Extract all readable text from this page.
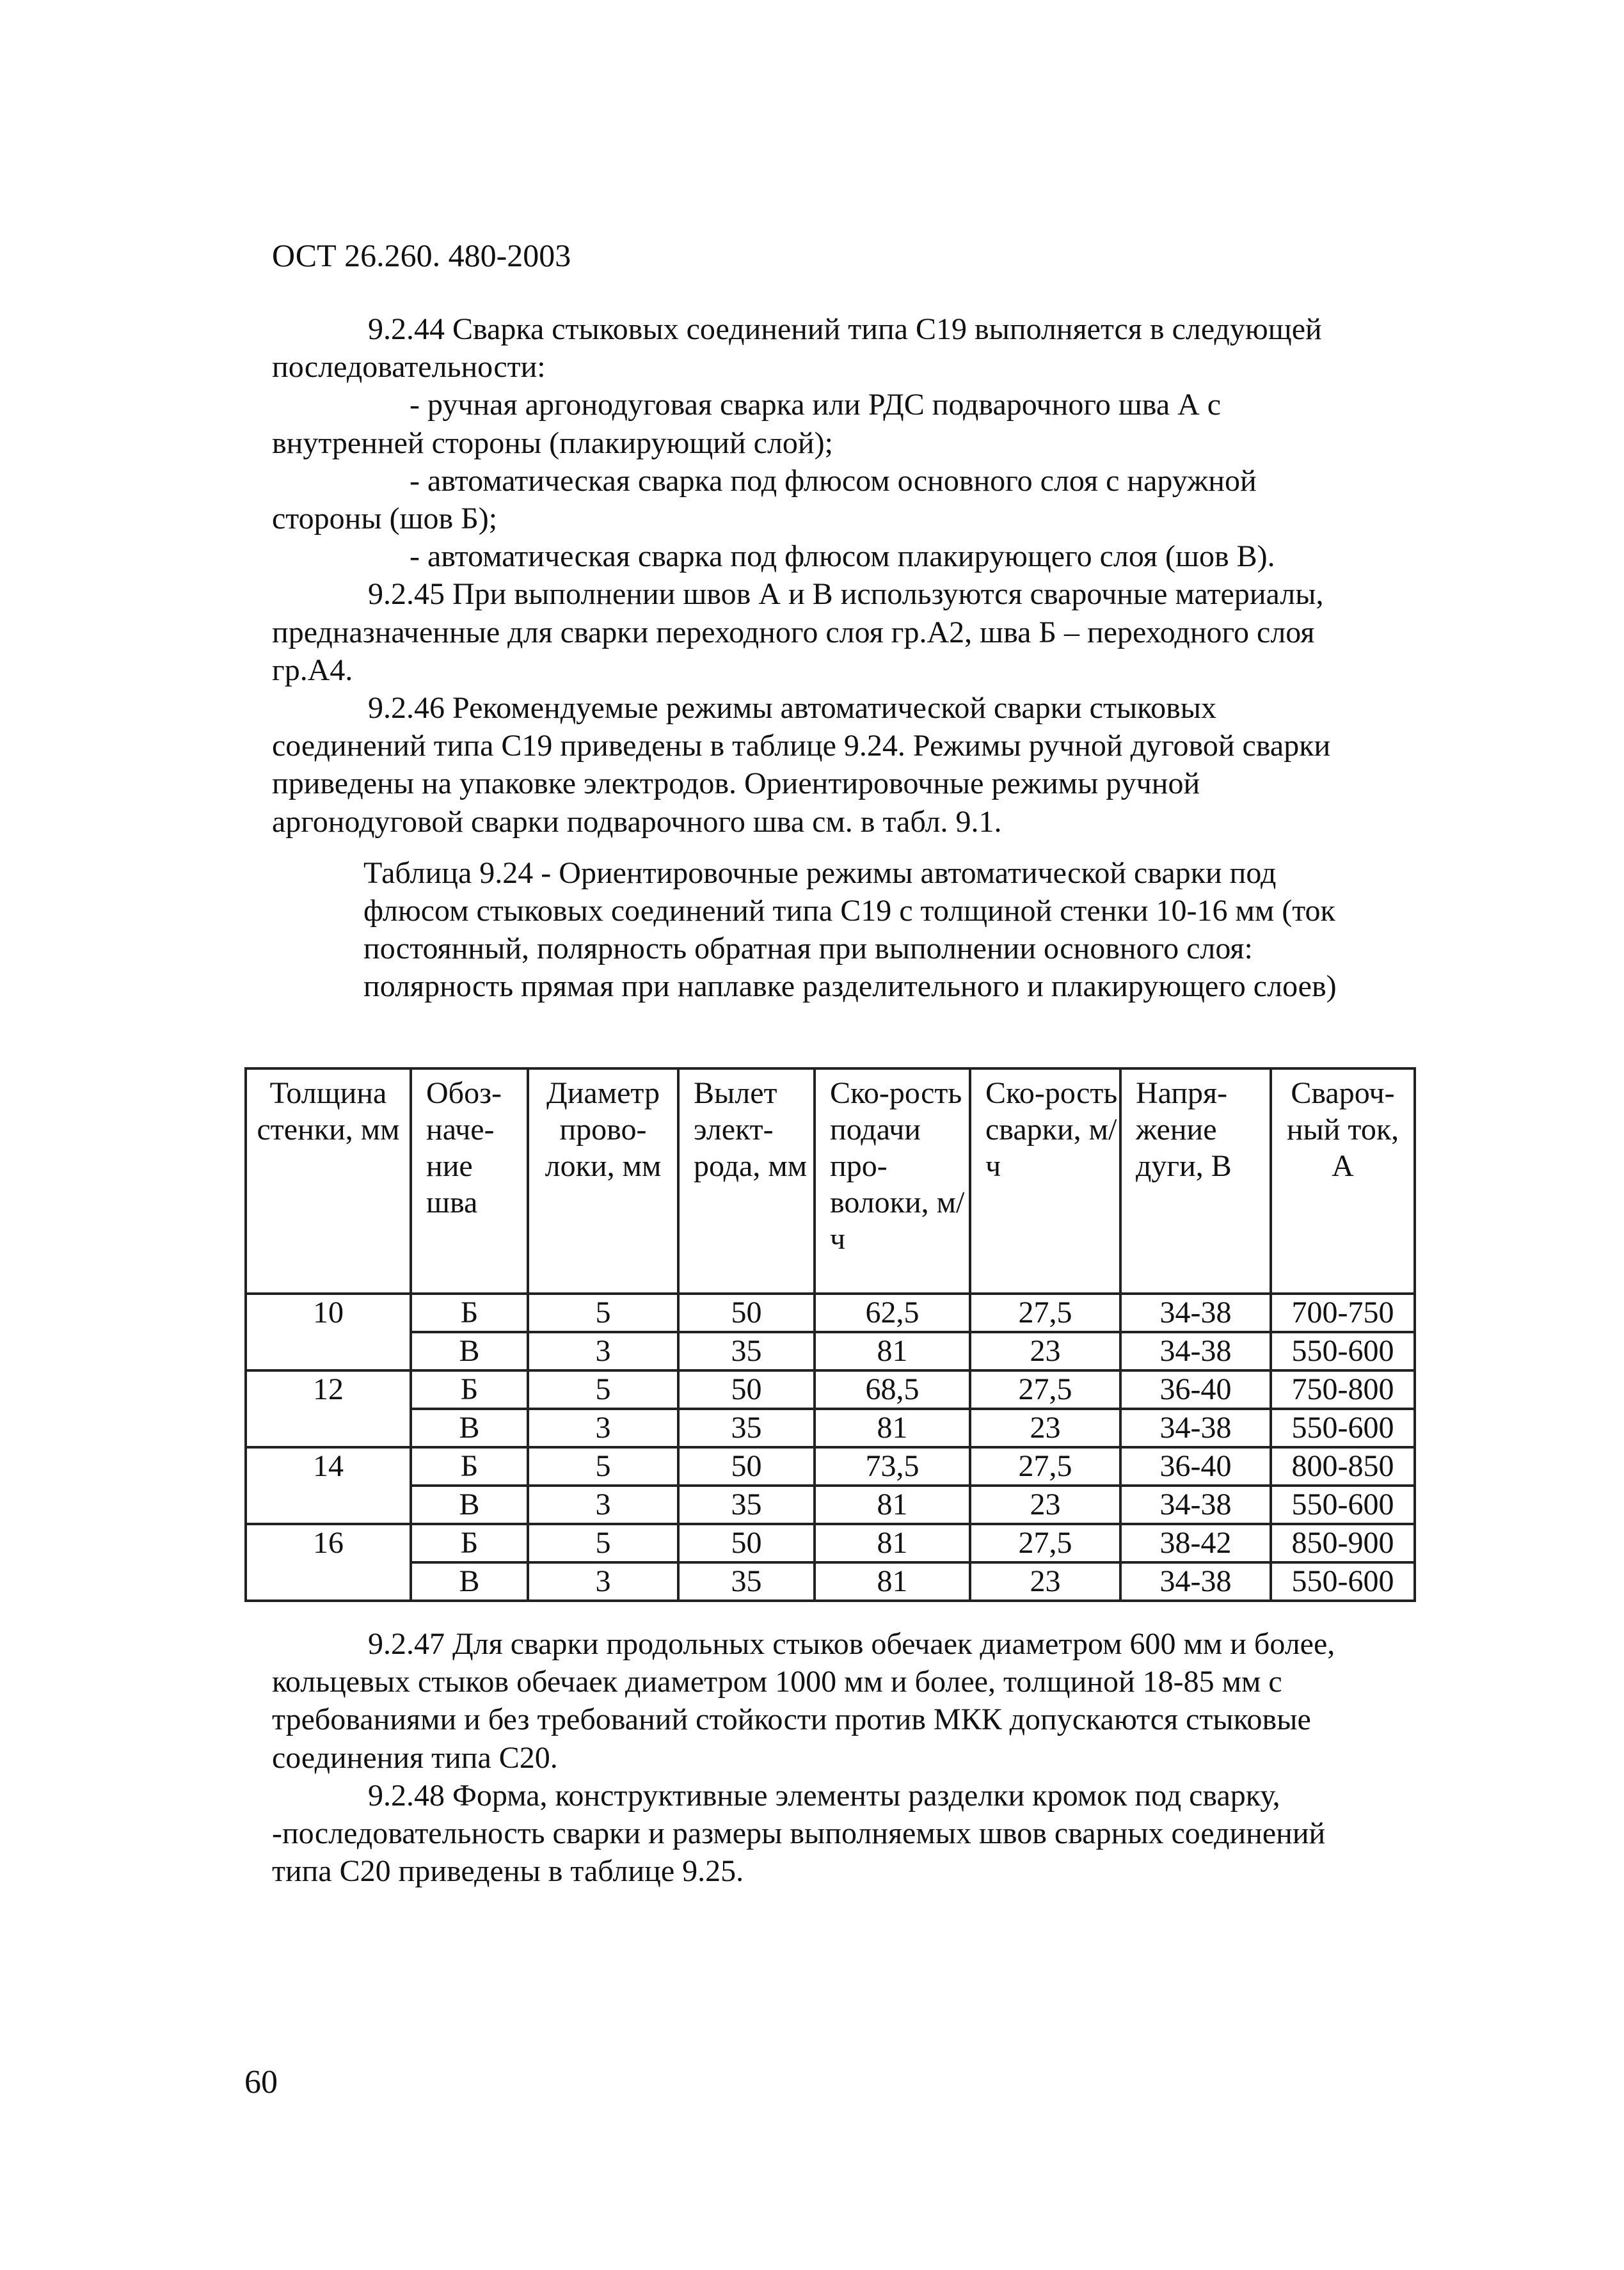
ОСТ 26.260. 480-2003

9.2.44 Сварка стыковых соединений типа С19 выполняется в следующей последовательности:

- ручная аргонодуговая сварка или РДС подварочного шва А с внутренней стороны (плакирующий слой);

- автоматическая сварка под флюсом основного слоя с наружной стороны (шов Б);

- автоматическая сварка под флюсом плакирующего слоя (шов В).

9.2.45 При выполнении швов А и В используются сварочные материалы, предназначенные для сварки переходного слоя гр.А2, шва Б – переходного слоя гр.А4.

9.2.46 Рекомендуемые режимы автоматической сварки стыковых соединений типа С19 приведены в таблице 9.24. Режимы ручной дуговой сварки приведены на упаковке электродов. Ориентировочные режимы ручной аргонодуговой сварки подварочного шва см. в табл. 9.1.

Таблица 9.24 - Ориентировочные режимы автоматической сварки под флюсом стыковых соединений типа С19 с толщиной стенки 10-16 мм (ток постоянный, полярность обратная при выполнении основного слоя: полярность прямая при наплавке разделительного и плакирующего слоев)
Толщина стенки, мм	Обоз-наче-ние шва	Диаметр прово-локи, мм	Вылет элект-рода, мм	Ско-рость подачи про-волоки, м/ч	Ско-рость сварки, м/ч	Напря-жение дуги, В	Свароч-ный ток, А
10	Б	5	50	62,5	27,5	34-38	700-750
	В	3	35	81	23	34-38	550-600
12	Б	5	50	68,5	27,5	36-40	750-800
	В	3	35	81	23	34-38	550-600
14	Б	5	50	73,5	27,5	36-40	800-850
	В	3	35	81	23	34-38	550-600
16	Б	5	50	81	27,5	38-42	850-900
	В	3	35	81	23	34-38	550-600

9.2.47 Для сварки продольных стыков обечаек диаметром 600 мм и более, кольцевых стыков обечаек диаметром 1000 мм и более, толщиной 18-85 мм с требованиями и без требований стойкости против МКК допускаются стыковые соединения типа С20.

9.2.48 Форма, конструктивные элементы разделки кромок под сварку, -последовательность сварки и размеры выполняемых швов сварных соединений типа С20 приведены в таблице 9.25.

60
